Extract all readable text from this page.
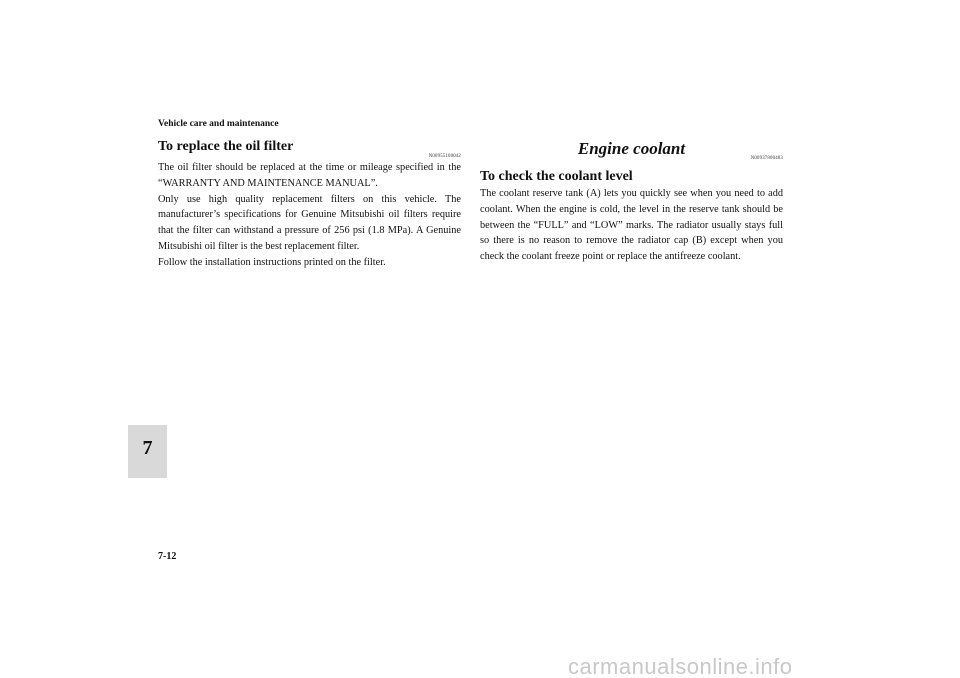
Vehicle care and maintenance
To replace the oil filter
N00955100042

The oil filter should be replaced at the time or mileage specified in the “WARRANTY AND MAINTENANCE MANUAL”.

Only use high quality replacement filters on this vehicle. The manufacturer’s specifications for Genuine Mitsubishi oil filters require that the filter can withstand a pressure of 256 psi (1.8 MPa). A Genuine Mitsubishi oil filter is the best replacement filter.

Follow the installation instructions printed on the filter.

Engine coolant
N00937800483
To check the coolant level

The coolant reserve tank (A) lets you quickly see when you need to add coolant. When the engine is cold, the level in the reserve tank should be between the “FULL” and “LOW” marks. The radiator usually stays full so there is no reason to remove the radiator cap (B) except when you check the coolant freeze point or replace the antifreeze coolant.

7
7-12
carmanualsonline.info
